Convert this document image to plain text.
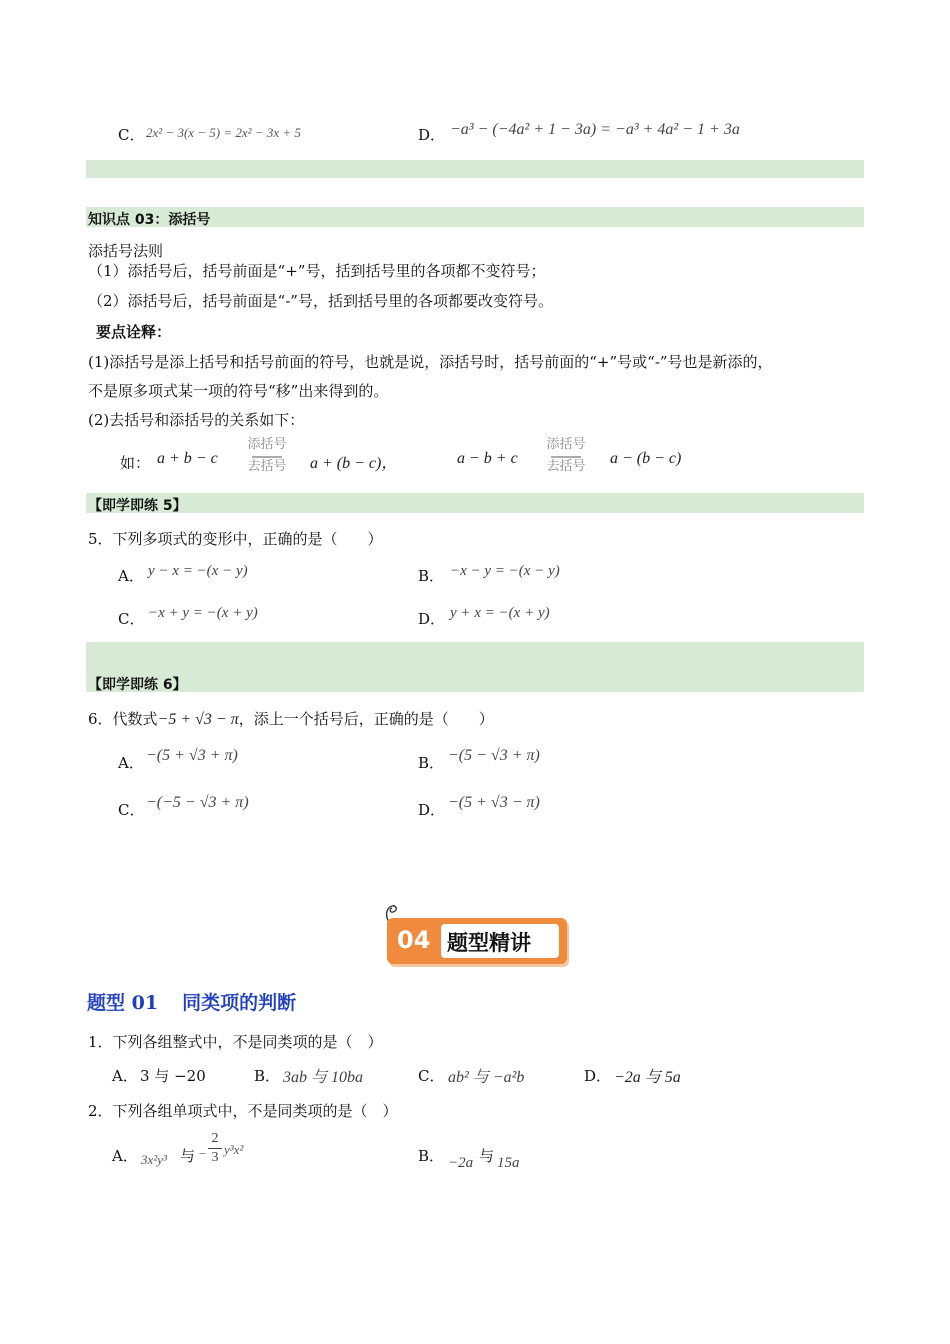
C． 2x² − 3(x − 5) = 2x² − 3x + 5	D． −a³ − (−4a² + 1 − 3a) = −a³ + 4a² − 1 + 3a
知识点 03：添括号
添括号法则
（1）添括号后，括号前面是“+”号，括到括号里的各项都不变符号；
（2）添括号后，括号前面是“-”号，括到括号里的各项都要改变符号。
要点诠释：
(1)添括号是添上括号和括号前面的符号，也就是说，添括号时，括号前面的“+”号或“-”号也是新添的，
不是原多项式某一项的符号“移”出来得到的。
(2)去括号和添括号的关系如下：
如： a + b − c
添括号
⎯⎯⎯⎯⎯
去括号	a + (b − c)，	a − b + c
添括号
⎯⎯⎯⎯⎯
去括号	a − (b − c)
【即学即练 5】
5．下列多项式的变形中，正确的是（　　）
A． y − x = −(x − y)	B． −x − y = −(x − y)
C． −x + y = −(x + y)	D． y + x = −(x + y)
【即学即练 6】
6．代数式−5 + √3 − π，添上一个括号后，正确的是（　　）
A． −(5 + √3 + π)	B． −(5 − √3 + π)
C． −(−5 − √3 + π)	D． −(5 + √3 − π)
04 题型精讲
题型 01 同类项的判断
1．下列各组整式中，不是同类项的是（　）
A． 3 与 −20	B． 3ab 与 10ba	C． ab² 与 −a²b	D． −2a 与 5a
2．下列各组单项式中，不是同类项的是（　）
A． 3x²y³ 与 − $\frac{2}{3} y^3x^2$	B． −2a 与 15a
